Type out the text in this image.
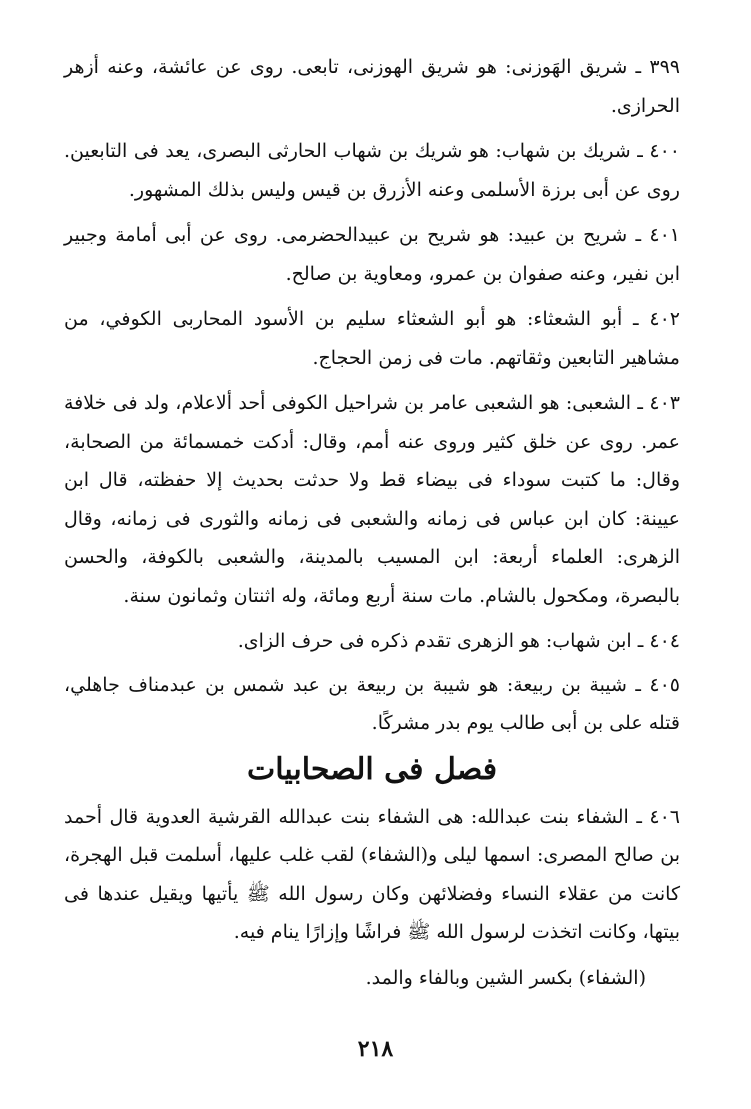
٣٩٩ ـ شريق الهَوزنى: هو شريق الهوزنى، تابعى. روى عن عائشة، وعنه أزهر الحرازى.

٤٠٠ ـ شريك بن شهاب: هو شريك بن شهاب الحارثى البصرى، يعد فى التابعين. روى عن أبى برزة الأسلمى وعنه الأزرق بن قيس وليس بذلك المشهور.

٤٠١ ـ شريح بن عبيد: هو شريح بن عبيدالحضرمى. روى عن أبى أمامة وجبير ابن نفير، وعنه صفوان بن عمرو، ومعاوية بن صالح.

٤٠٢ ـ أبو الشعثاء: هو أبو الشعثاء سليم بن الأسود المحاربى الكوفي، من مشاهير التابعين وثقاتهم. مات فى زمن الحجاج.

٤٠٣ ـ الشعبى: هو الشعبى عامر بن شراحيل الكوفى أحد ألاعلام، ولد فى خلافة عمر. روى عن خلق كثير وروى عنه أمم، وقال: أدكت خمسمائة من الصحابة، وقال: ما كتبت سوداء فى بيضاء قط ولا حدثت بحديث إلا حفظته، قال ابن عيينة: كان ابن عباس فى زمانه والشعبى فى زمانه والثورى فى زمانه، وقال الزهرى: العلماء أربعة: ابن المسيب بالمدينة، والشعبى بالكوفة، والحسن بالبصرة، ومكحول بالشام. مات سنة أربع ومائة، وله اثنتان وثمانون سنة.

٤٠٤ ـ ابن شهاب: هو الزهرى تقدم ذكره فى حرف الزاى.

٤٠٥ ـ شيبة بن ربيعة: هو شيبة بن ربيعة بن عبد شمس بن عبدمناف جاهلي، قتله على بن أبى طالب يوم بدر مشركًا.

فصل فى الصحابيات

٤٠٦ ـ الشفاء بنت عبدالله: هى الشفاء بنت عبدالله القرشية العدوية قال أحمد بن صالح المصرى: اسمها ليلى و(الشفاء) لقب غلب عليها، أسلمت قبل الهجرة، كانت من عقلاء النساء وفضلائهن وكان رسول الله ﷺ يأتيها ويقيل عندها فى بيتها، وكانت اتخذت لرسول الله ﷺ فراشًا وإزارًا ينام فيه.

(الشفاء) بكسر الشين وبالفاء والمد.

٢١٨
